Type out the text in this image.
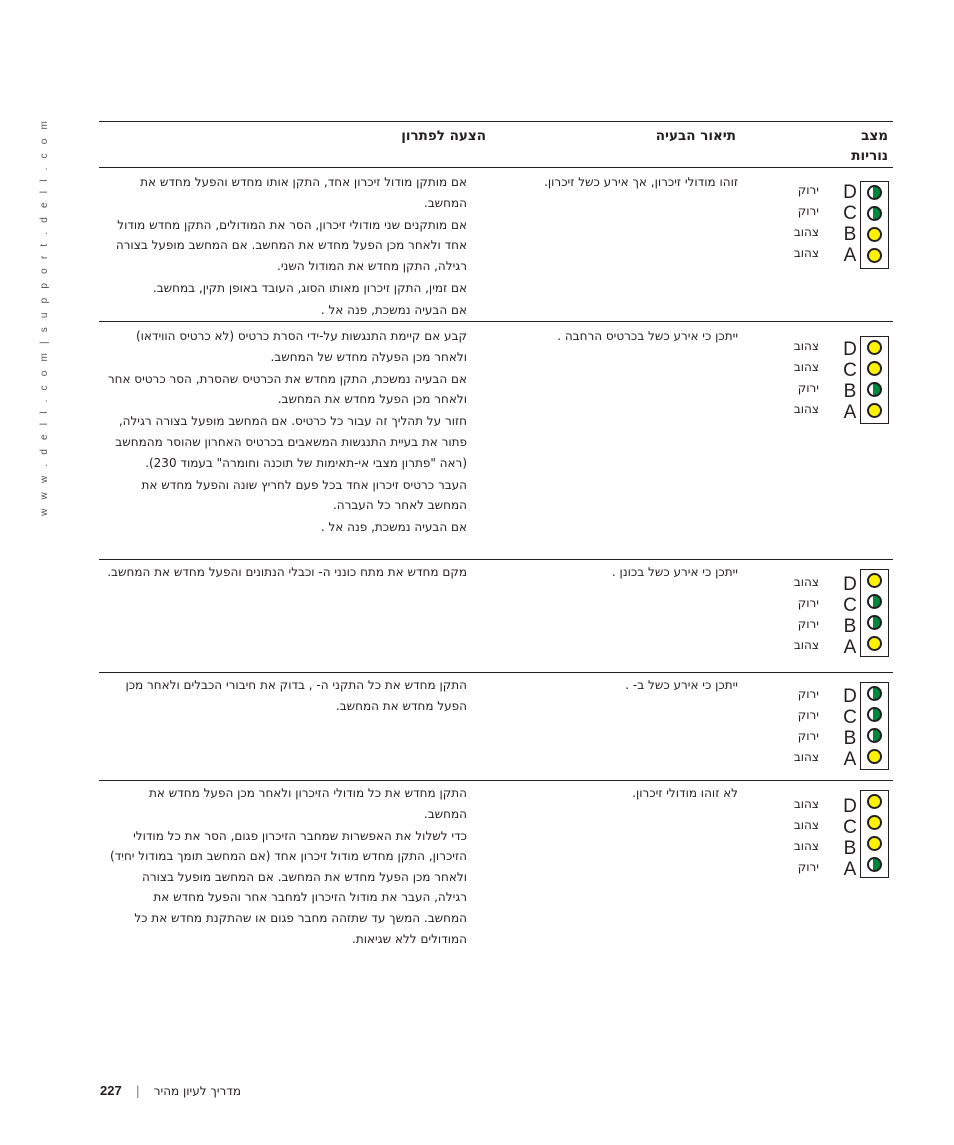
w w w . d e l l . c o m | s u p p o r t . d e l l . c o m	מצב
נוריות
תיאור הבעיה
הצעה לפתרון

אם מותקן מודול זיכרון אחד, התקן אותו מחדש והפעל מחדש את המחשב.

אם מותקנים שני מודולי זיכרון, הסר את המודולים, התקן מחדש מודול אחד ולאחר מכן הפעל מחדש את המחשב. אם המחשב מופעל בצורה רגילה, התקן מחדש את המודול השני.

אם זמין, התקן זיכרון מאותו הסוג, העובד באופן תקין, במחשב.

אם הבעיה נמשכת, פנה אל .

זוהו מודולי זיכרון, אך אירע כשל זיכרון.
ירוק
ירוק
צהוב
צהוב
D
C
B
A

קבע אם קיימת התנגשות על-ידי הסרת כרטיס (לא כרטיס הווידאו) ולאחר מכן הפעלה מחדש של המחשב.

אם הבעיה נמשכת, התקן מחדש את הכרטיס שהסרת, הסר כרטיס אחר ולאחר מכן הפעל מחדש את המחשב.

חזור על תהליך זה עבור כל כרטיס. אם המחשב מופעל בצורה רגילה, פתור את בעיית התנגשות המשאבים בכרטיס האחרון שהוסר מהמחשב (ראה "פתרון מצבי אי-תאימות של תוכנה וחומרה" בעמוד 230).

העבר כרטיס זיכרון אחד בכל פעם לחריץ שונה והפעל מחדש את המחשב לאחר כל העברה.

אם הבעיה נמשכת, פנה אל .

ייתכן כי אירע כשל בכרטיס הרחבה .
צהוב
צהוב
ירוק
צהוב
D
C
B
A

מקם מחדש את מתח כונני ה- וכבלי הנתונים והפעל מחדש את המחשב.	ייתכן כי אירע כשל בכונן .
צהוב
ירוק
ירוק
צהוב
D
C
B
A

התקן מחדש את כל התקני ה- , בדוק את חיבורי הכבלים ולאחר מכן הפעל מחדש את המחשב.

ייתכן כי אירע כשל ב- .
ירוק
ירוק
ירוק
צהוב
D
C
B
A

התקן מחדש את כל מודולי הזיכרון ולאחר מכן הפעל מחדש את המחשב.

כדי לשלול את האפשרות שמחבר הזיכרון פגום, הסר את כל מודולי הזיכרון, התקן מחדש מודול זיכרון אחד (אם המחשב תומך במודול יחיד) ולאחר מכן הפעל מחדש את המחשב. אם המחשב מופעל בצורה רגילה, העבר את מודול הזיכרון למחבר אחר והפעל מחדש את המחשב. המשך עד שתזהה מחבר פגום או שהתקנת מחדש את כל המודולים ללא שגיאות.

לא זוהו מודולי זיכרון.
צהוב
צהוב
צהוב
ירוק
D
C
B
A
227 | מדריך לעיון מהיר
